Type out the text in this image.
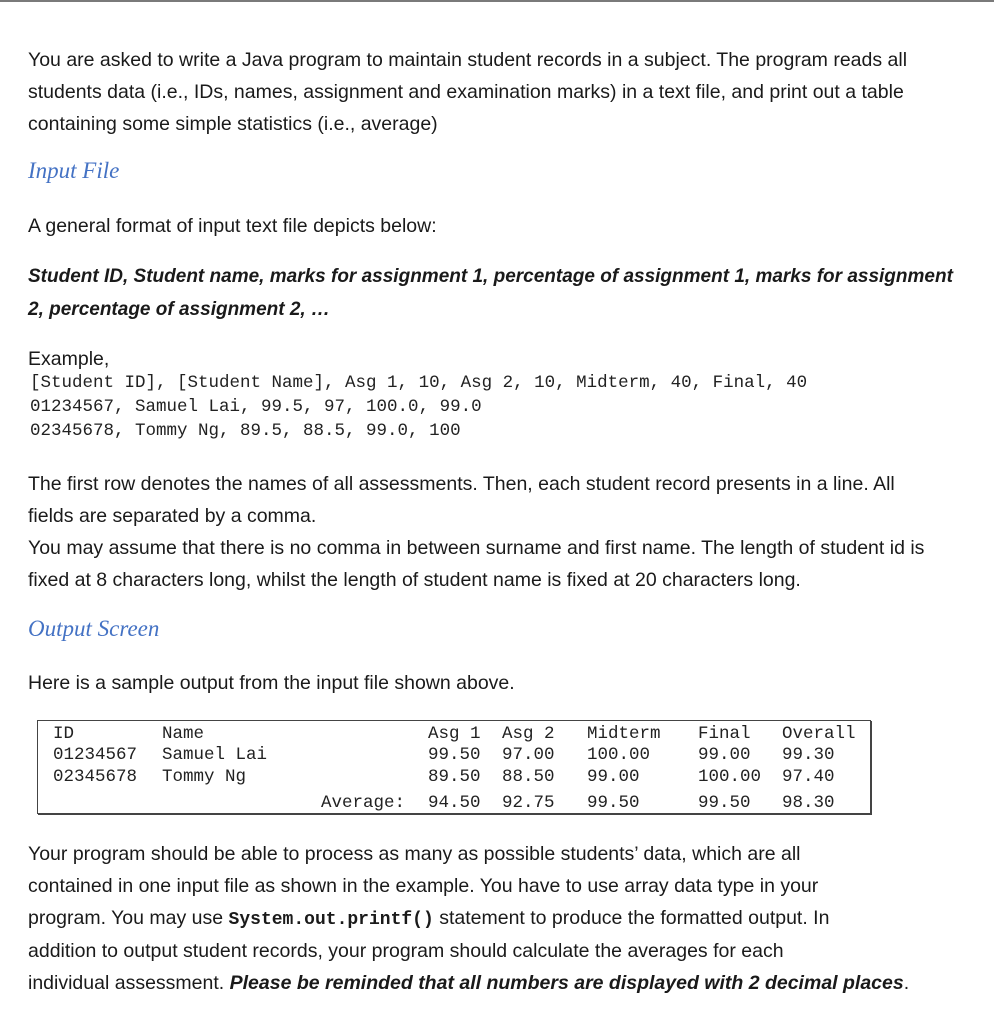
You are asked to write a Java program to maintain student records in a subject. The program reads all

students data (i.e., IDs, names, assignment and examination marks) in a text file, and print out a table

containing some simple statistics (i.e., average)

Input File

A general format of input text file depicts below:

Student ID, Student name, marks for assignment 1, percentage of assignment 1, marks for assignment

2, percentage of assignment 2, …

Example,

[Student ID], [Student Name], Asg 1, 10, Asg 2, 10, Midterm, 40, Final, 40
01234567, Samuel Lai, 99.5, 97, 100.0, 99.0
02345678, Tommy Ng, 89.5, 88.5, 99.0, 100

The first row denotes the names of all assessments. Then, each student record presents in a line. All

fields are separated by a comma.

You may assume that there is no comma in between surname and first name. The length of student id is

fixed at 8 characters long, whilst the length of student name is fixed at 20 characters long.

Output Screen

Here is a sample output from the input file shown above.

ID	Name	Asg 1 Asg 2 Midterm Final Overall
01234567 Samuel Lai	99.50 97.00 100.00	99.00 99.30
02345678 Tommy Ng	89.50 88.50 99.00	100.00 97.40
Average: 94.50 92.75 99.50	99.50 98.30

Your program should be able to process as many as possible students’ data, which are all

contained in one input file as shown in the example. You have to use array data type in your

program. You may use System.out.printf() statement to produce the formatted output. In

addition to output student records, your program should calculate the averages for each

individual assessment. Please be reminded that all numbers are displayed with 2 decimal places.
